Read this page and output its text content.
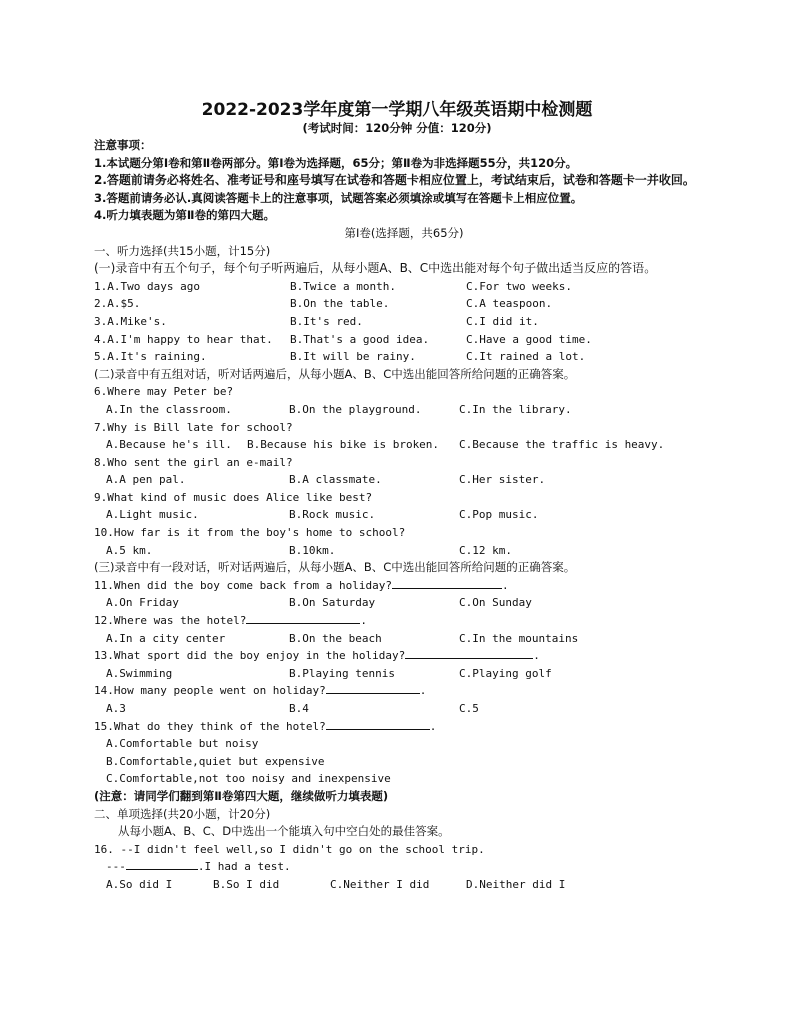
2022-2023学年度第一学期八年级英语期中检测题
(考试时间：120分钟 分值：120分)
注意事项：
1.本试题分第Ⅰ卷和第Ⅱ卷两部分。第Ⅰ卷为选择题，65分；第Ⅱ卷为非选择题55分，共120分。
2.答题前请务必将姓名、准考证号和座号填写在试卷和答题卡相应位置上，考试结束后，试卷和答题卡一并收回。
3.答题前请务必认.真阅读答题卡上的注意事项，试题答案必须填涂或填写在答题卡上相应位置。
4.听力填表题为第Ⅱ卷的第四大题。
第Ⅰ卷(选择题，共65分)
一、听力选择(共15小题，计15分)
(一)录音中有五个句子，每个句子听两遍后，从每小题A、B、C中选出能对每个句子做出适当反应的答语。
1.A.Two days ago	B.Twice a month.	C.For two weeks.
2.A.$5.	B.On the table.	C.A teaspoon.
3.A.Mike's.	B.It's red.	C.I did it.
4.A.I'm happy to hear that. B.That's a good idea.	C.Have a good time.
5.A.It's raining.	B.It will be rainy.	C.It rained a lot.
(二)录音中有五组对话，听对话两遍后，从每小题A、B、C中选出能回答所给问题的正确答案。
6.Where may Peter be?
A.In the classroom.	B.On the playground.	C.In the library.
7.Why is Bill late for school?
A.Because he's ill. B.Because his bike is broken. C.Because the traffic is heavy.
8.Who sent the girl an e-mail?
A.A pen pal.	B.A classmate.	C.Her sister.
9.What kind of music does Alice like best?
A.Light music.	B.Rock music.	C.Pop music.
10.How far is it from the boy's home to school?
A.5 km.	B.10km.	C.12 km.
(三)录音中有一段对话，听对话两遍后，从每小题A、B、C中选出能回答所给问题的正确答案。
11.When did the boy come back from a holiday?	.
A.On Friday	B.On Saturday	C.On Sunday
12.Where was the hotel?	.
A.In a city center	B.On the beach	C.In the mountains
13.What sport did the boy enjoy in the holiday?	.
A.Swimming	B.Playing tennis	C.Playing golf
14.How many people went on holiday?	.
A.3	B.4	C.5
15.What do they think of the hotel?	.
A.Comfortable but noisy
B.Comfortable,quiet but expensive
C.Comfortable,not too noisy and inexpensive
(注意：请同学们翻到第Ⅱ卷第四大题，继续做听力填表题)
二、单项选择(共20小题，计20分)
从每小题A、B、C、D中选出一个能填入句中空白处的最佳答案。
16. --I didn't feel well,so I didn't go on the school trip.
---	.I had a test.
A.So did I	B.So I did	C.Neither I did	D.Neither did I
